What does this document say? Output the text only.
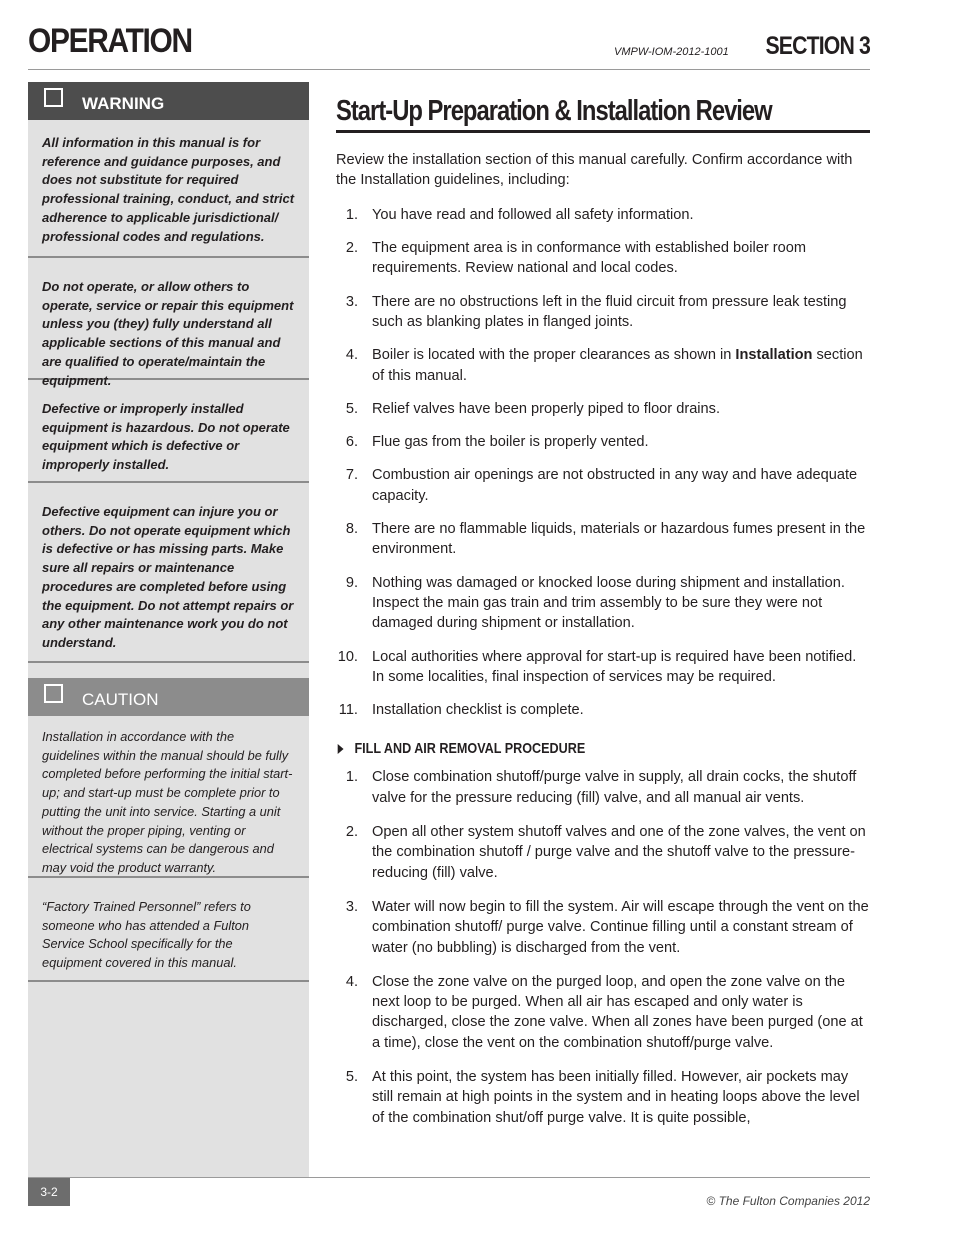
OPERATION	VMPW-IOM-2012-1001 SECTION 3
WARNING
All information in this manual is for reference and guidance purposes, and does not substitute for required professional training, conduct, and strict adherence to applicable jurisdictional/ professional codes and regulations.
Do not operate, or allow others to operate, service or repair this equipment unless you (they) fully understand all applicable sections of this manual and are qualified to operate/maintain the equipment.
Defective or improperly installed equipment is hazardous. Do not operate equipment which is defective or improperly installed.
Defective equipment can injure you or others. Do not operate equipment which is defective or has missing parts. Make sure all repairs or maintenance procedures are completed before using the equipment. Do not attempt repairs or any other maintenance work you do not understand.
CAUTION
Installation in accordance with the guidelines within the manual should be fully completed before performing the initial start-up; and start-up must be complete prior to putting the unit into service. Starting a unit without the proper piping, venting or electrical systems can be dangerous and may void the product warranty.
“Factory Trained Personnel” refers to someone who has attended a Fulton Service School specifically for the equipment covered in this manual.
Start-Up Preparation & Installation Review
Review the installation section of this manual carefully. Confirm accordance with the Installation guidelines, including:
1. You have read and followed all safety information.
2. The equipment area is in conformance with established boiler room requirements. Review national and local codes.
3. There are no obstructions left in the fluid circuit from pressure leak testing such as blanking plates in flanged joints.
4. Boiler is located with the proper clearances as shown in Installation section of this manual.
5. Relief valves have been properly piped to floor drains.
6. Flue gas from the boiler is properly vented.
7. Combustion air openings are not obstructed in any way and have adequate capacity.
8. There are no flammable liquids, materials or hazardous fumes present in the environment.
9. Nothing was damaged or knocked loose during shipment and installation. Inspect the main gas train and trim assembly to be sure they were not damaged during shipment or installation.
10. Local authorities where approval for start-up is required have been notified. In some localities, final inspection of services may be required.
11. Installation checklist is complete.
FILL AND AIR REMOVAL PROCEDURE
1. Close combination shutoff/purge valve in supply, all drain cocks, the shutoff valve for the pressure reducing (fill) valve, and all manual air vents.
2. Open all other system shutoff valves and one of the zone valves, the vent on the combination shutoff / purge valve and the shutoff valve to the pressure-reducing (fill) valve.
3. Water will now begin to fill the system. Air will escape through the vent on the combination shutoff/ purge valve. Continue filling until a constant stream of water (no bubbling) is discharged from the vent.
4. Close the zone valve on the purged loop, and open the zone valve on the next loop to be purged. When all air has escaped and only water is discharged, close the zone valve. When all zones have been purged (one at a time), close the vent on the combination shutoff/purge valve.
5. At this point, the system has been initially filled. However, air pockets may still remain at high points in the system and in heating loops above the level of the combination shut/off purge valve. It is quite possible,
3-2
© The Fulton Companies 2012
